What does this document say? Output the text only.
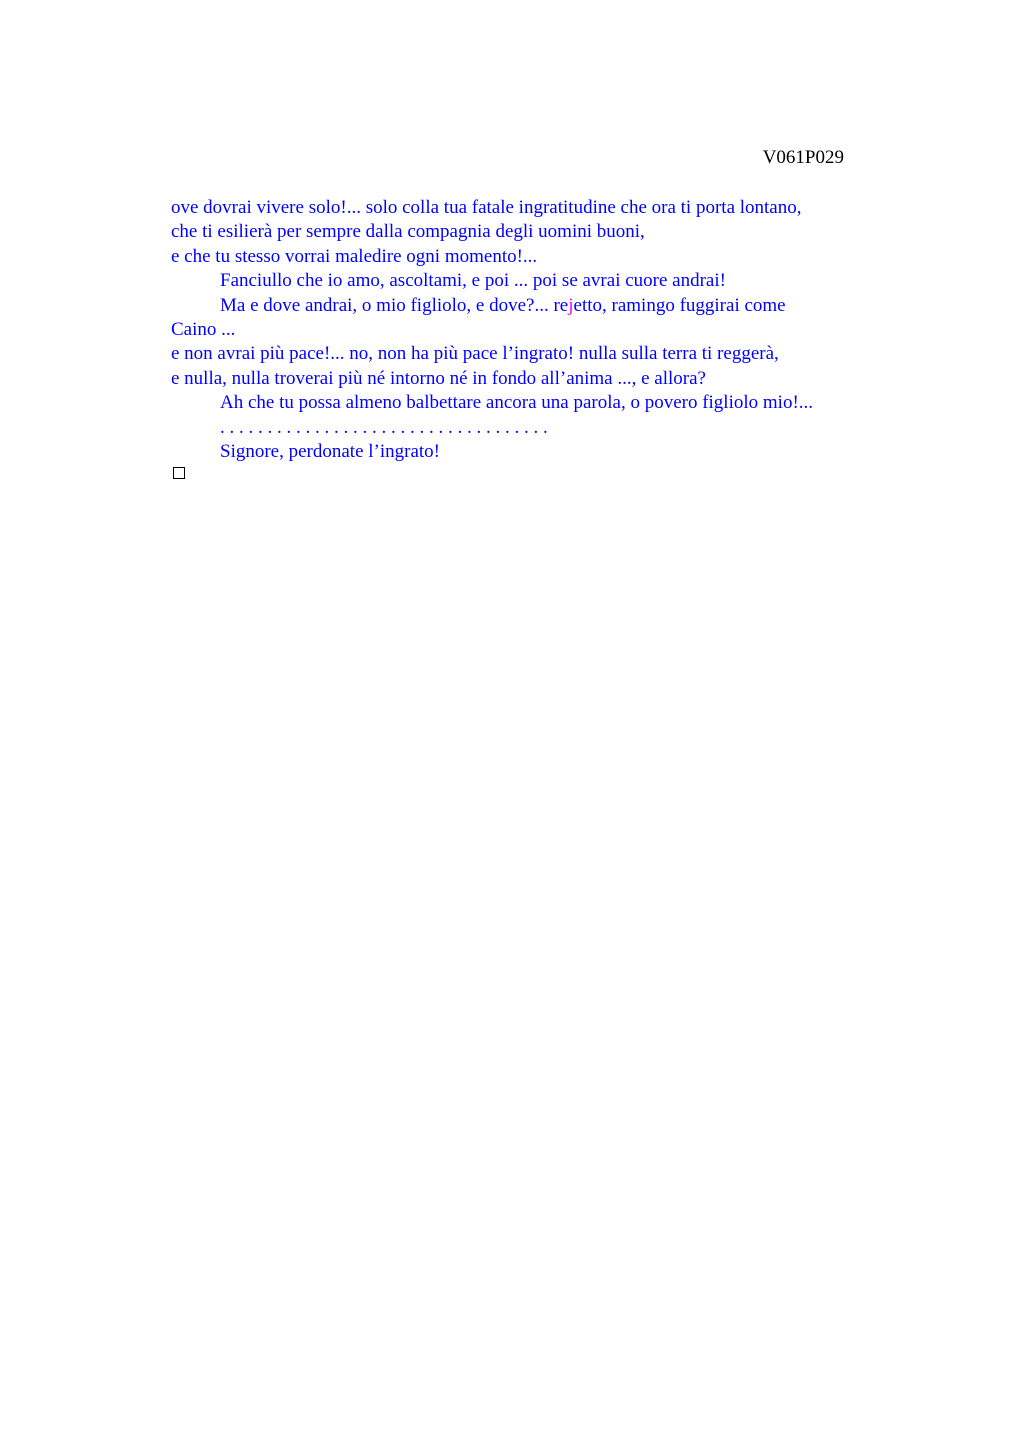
V061P029
ove dovrai vivere solo!... solo colla tua fatale ingratitudine che ora ti porta lontano,
che ti esilierà per sempre dalla compagnia degli uomini buoni,
e che tu stesso vorrai maledire ogni momento!...
Fanciullo che io amo, ascoltami, e poi ... poi se avrai cuore andrai!
Ma e dove andrai, o mio figliolo, e dove?... rejetto, ramingo fuggirai come
Caino ...
e non avrai più pace!... no, non ha più pace l’ingrato! nulla sulla terra ti reggerà,
e nulla, nulla troverai più né intorno né in fondo all’anima ..., e allora?
Ah che tu possa almeno balbettare ancora una parola, o povero figliolo mio!...
. . . . . . . . . . . . . . . . . . . . . . . . . . . . . . . . . . .
Signore, perdonate l’ingrato!
